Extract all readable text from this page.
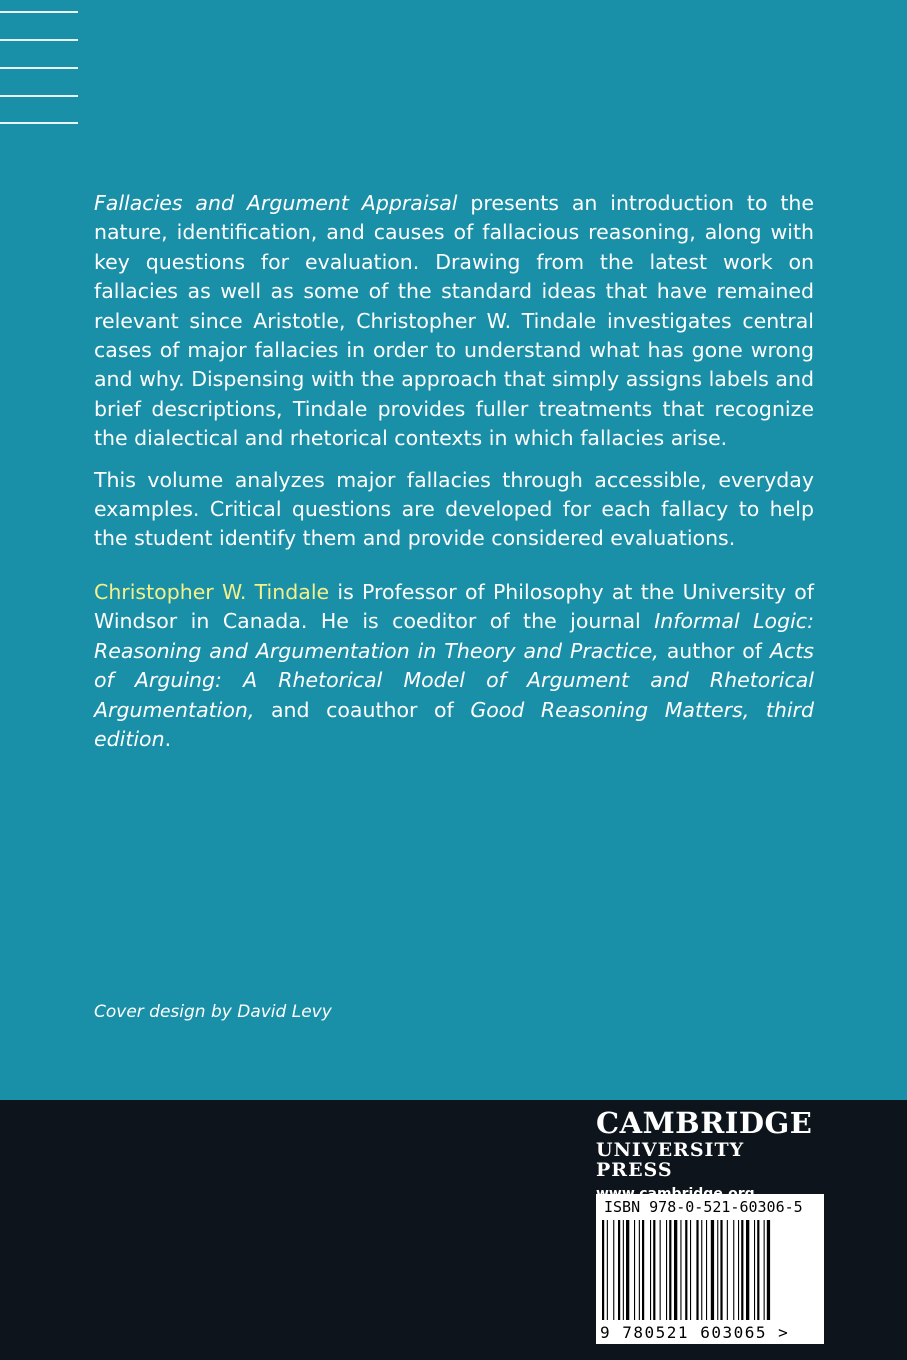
Fallacies and Argument Appraisal presents an introduction to the nature, identification, and causes of fallacious reasoning, along with key questions for evaluation. Drawing from the latest work on fallacies as well as some of the standard ideas that have remained relevant since Aristotle, Christopher W. Tindale investigates central cases of major fallacies in order to understand what has gone wrong and why. Dispensing with the approach that simply assigns labels and brief descriptions, Tindale provides fuller treatments that recognize the dialectical and rhetorical contexts in which fallacies arise.

This volume analyzes major fallacies through accessible, everyday examples. Critical questions are developed for each fallacy to help the student identify them and provide considered evaluations.

Christopher W. Tindale is Professor of Philosophy at the University of Windsor in Canada. He is coeditor of the journal Informal Logic: Reasoning and Argumentation in Theory and Practice, author of Acts of Arguing: A Rhetorical Model of Argument and Rhetorical Argumentation, and coauthor of Good Reasoning Matters, third edition.

Cover design by David Levy
CAMBRIDGE
UNIVERSITY PRESS
ISBN 978-0-521-60306-5
9 780521 603065 >
